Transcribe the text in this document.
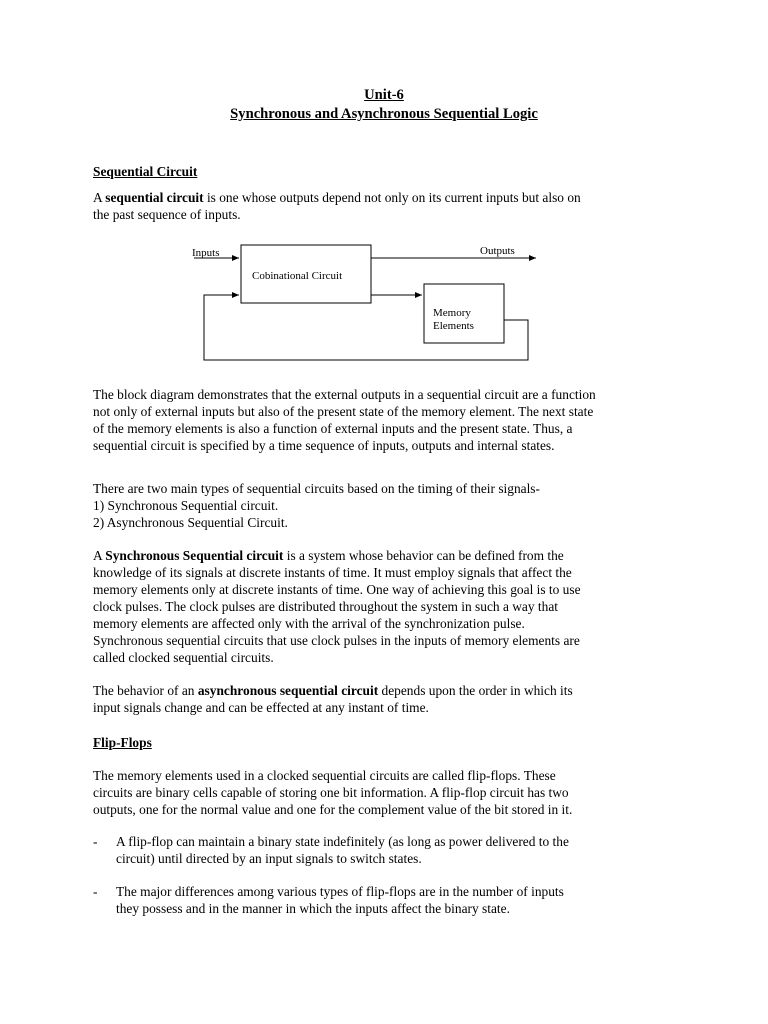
Unit-6
Synchronous and Asynchronous Sequential Logic
Sequential Circuit
A sequential circuit is one whose outputs depend not only on its current inputs but also on
the past sequence of inputs.
Inputs	Outputs
Cobinational Circuit
Memory
Elements
The block diagram demonstrates that the external outputs in a sequential circuit are a function
not only of external inputs but also of the present state of the memory element. The next state
of the memory elements is also a function of external inputs and the present state. Thus, a
sequential circuit is specified by a time sequence of inputs, outputs and internal states.
There are two main types of sequential circuits based on the timing of their signals-
1) Synchronous Sequential circuit.
2) Asynchronous Sequential Circuit.
A Synchronous Sequential circuit is a system whose behavior can be defined from the
knowledge of its signals at discrete instants of time. It must employ signals that affect the
memory elements only at discrete instants of time. One way of achieving this goal is to use
clock pulses. The clock pulses are distributed throughout the system in such a way that
memory elements are affected only with the arrival of the synchronization pulse.
Synchronous sequential circuits that use clock pulses in the inputs of memory elements are
called clocked sequential circuits.
The behavior of an asynchronous sequential circuit depends upon the order in which its
input signals change and can be effected at any instant of time.
Flip-Flops
The memory elements used in a clocked sequential circuits are called flip-flops. These
circuits are binary cells capable of storing one bit information. A flip-flop circuit has two
outputs, one for the normal value and one for the complement value of the bit stored in it.
- A flip-flop can maintain a binary state indefinitely (as long as power delivered to the
circuit) until directed by an input signals to switch states.
- The major differences among various types of flip-flops are in the number of inputs
they possess and in the manner in which the inputs affect the binary state.
